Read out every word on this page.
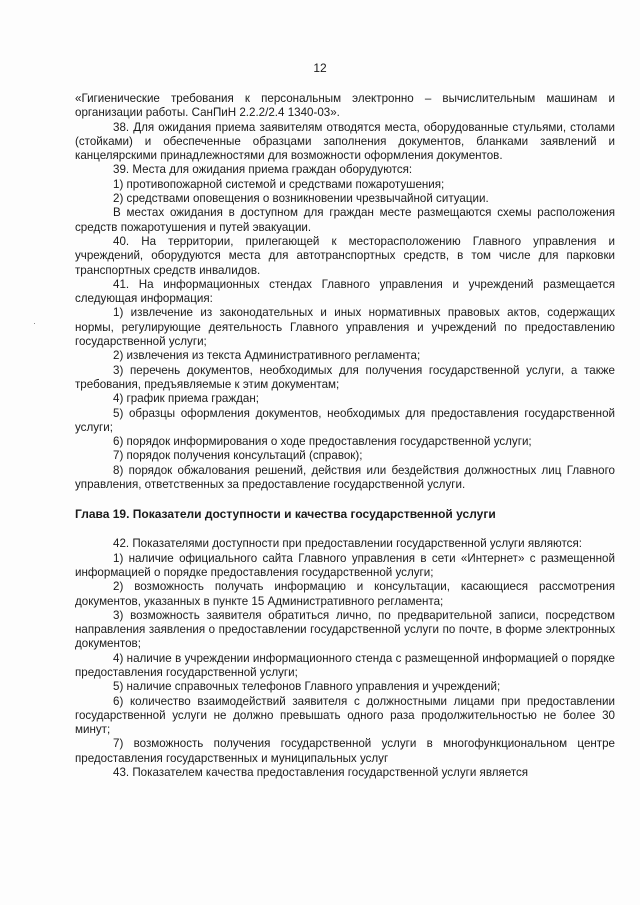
12
·

«Гигиенические требования к персональным электронно – вычислительным машинам и организации работы. СанПиН 2.2.2/2.4 1340-03».

38. Для ожидания приема заявителям отводятся места, оборудованные стульями, столами (стойками) и обеспеченные образцами заполнения документов, бланками заявлений и канцелярскими принадлежностями для возможности оформления документов.

39. Места для ожидания приема граждан оборудуются:

1) противопожарной системой и средствами пожаротушения;

2) средствами оповещения о возникновении чрезвычайной ситуации.

В местах ожидания в доступном для граждан месте размещаются схемы расположения средств пожаротушения и путей эвакуации.

40. На территории, прилегающей к месторасположению Главного управления и учреждений, оборудуются места для автотранспортных средств, в том числе для парковки транспортных средств инвалидов.

41. На информационных стендах Главного управления и учреждений размещается следующая информация:

1) извлечение из законодательных и иных нормативных правовых актов, содержащих нормы, регулирующие деятельность Главного управления и учреждений по предоставлению государственной услуги;

2) извлечения из текста Административного регламента;

3) перечень документов, необходимых для получения государственной услуги, а также требования, предъявляемые к этим документам;

4) график приема граждан;

5) образцы оформления документов, необходимых для предоставления государственной услуги;

6) порядок информирования о ходе предоставления государственной услуги;

7) порядок получения консультаций (справок);

8) порядок обжалования решений, действия или бездействия должностных лиц Главного управления, ответственных за предоставление государственной услуги.

Глава 19. Показатели доступности и качества государственной услуги

42. Показателями доступности при предоставлении государственной услуги являются:

1) наличие официального сайта Главного управления в сети «Интернет» с размещенной информацией о порядке предоставления государственной услуги;

2) возможность получать информацию и консультации, касающиеся рассмотрения документов, указанных в пункте 15 Административного регламента;

3) возможность заявителя обратиться лично, по предварительной записи, посредством направления заявления о предоставлении государственной услуги по почте, в форме электронных документов;

4) наличие в учреждении информационного стенда с размещенной информацией о порядке предоставления государственной услуги;

5) наличие справочных телефонов Главного управления и учреждений;

6) количество взаимодействий заявителя с должностными лицами при предоставлении государственной услуги не должно превышать одного раза продолжительностью не более 30 минут;

7) возможность получения государственной услуги в многофункциональном центре предоставления государственных и муниципальных услуг

43. Показателем качества предоставления государственной услуги является
